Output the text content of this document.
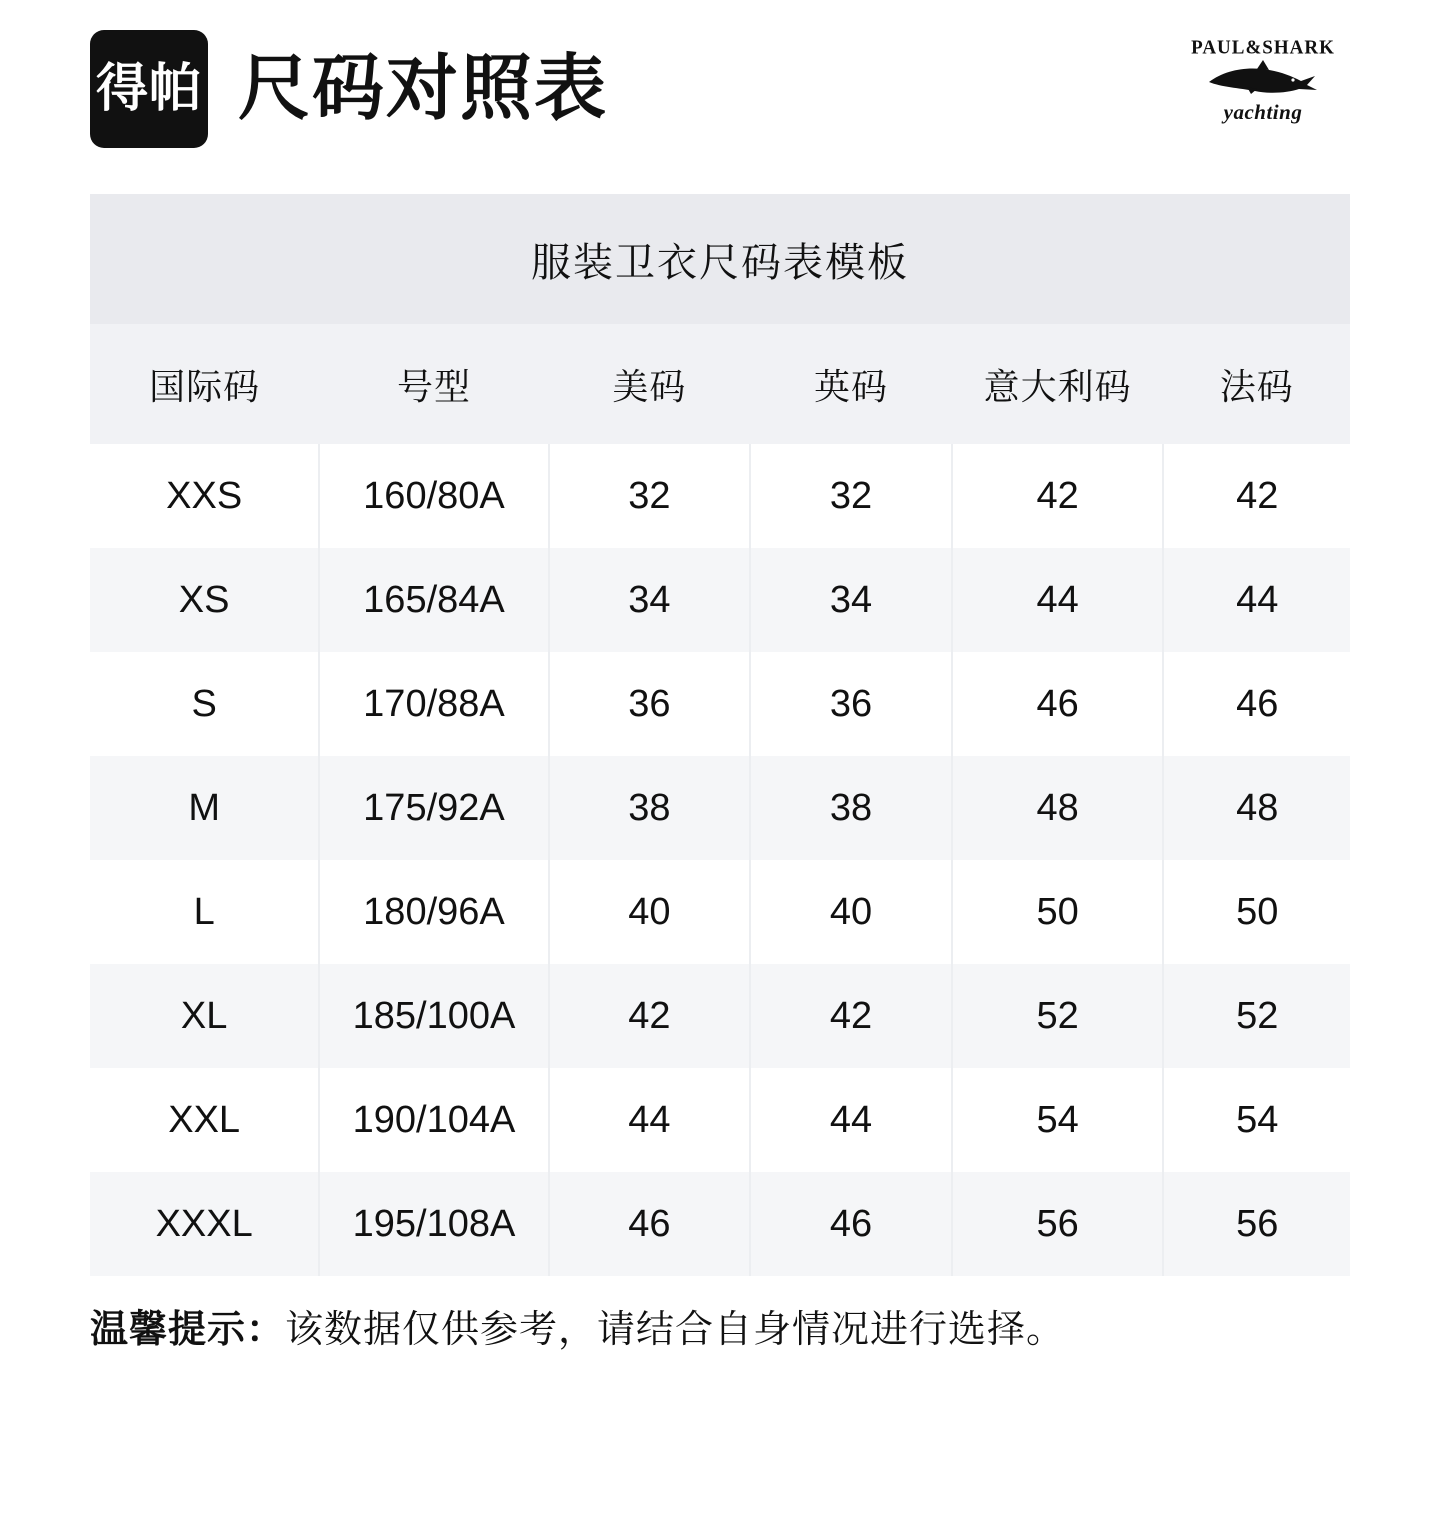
得帕 尺码对照表
PAUL&SHARK
yachting
服装卫衣尺码表模板
国际码	号型	美码	英码	意大利码	法码
XXS	160/80A	32	32	42	42
XS	165/84A	34	34	44	44
S	170/88A	36	36	46	46
M	175/92A	38	38	48	48
L	180/96A	40	40	50	50
XL	185/100A	42	42	52	52
XXL	190/104A	44	44	54	54
XXXL	195/108A	46	46	56	56
温馨提示：该数据仅供参考，请结合自身情况进行选择。
